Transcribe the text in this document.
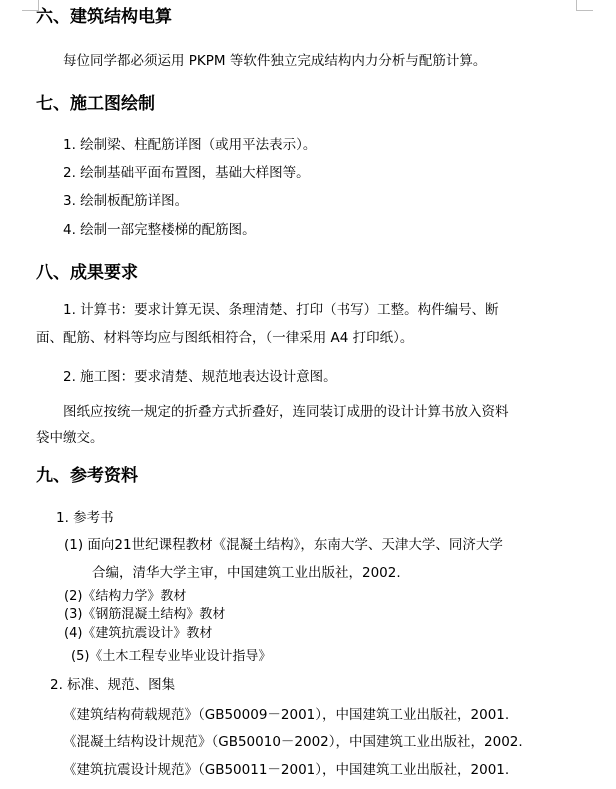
六、建筑结构电算
每位同学都必须运用 PKPM 等软件独立完成结构内力分析与配筋计算。
七、施工图绘制
1. 绘制梁、柱配筋详图（或用平法表示）。
2. 绘制基础平面布置图，基础大样图等。
3. 绘制板配筋详图。
4. 绘制一部完整楼梯的配筋图。
八、成果要求
1. 计算书：要求计算无误、条理清楚、打印（书写）工整。构件编号、断
面、配筋、材料等均应与图纸相符合，（一律采用 A4 打印纸）。
2. 施工图：要求清楚、规范地表达设计意图。
图纸应按统一规定的折叠方式折叠好，连同装订成册的设计计算书放入资料
袋中缴交。
九、参考资料
1. 参考书
(1) 面向21世纪课程教材《混凝土结构》，东南大学、天津大学、同济大学
合编，清华大学主审，中国建筑工业出版社，2002.
(2)《结构力学》教材
(3)《钢筋混凝土结构》教材
(4)《建筑抗震设计》教材
(5)《土木工程专业毕业设计指导》
2. 标准、规范、图集
《建筑结构荷载规范》（GB50009－2001），中国建筑工业出版社，2001.
《混凝土结构设计规范》（GB50010－2002），中国建筑工业出版社，2002.
《建筑抗震设计规范》（GB50011－2001），中国建筑工业出版社，2001.
